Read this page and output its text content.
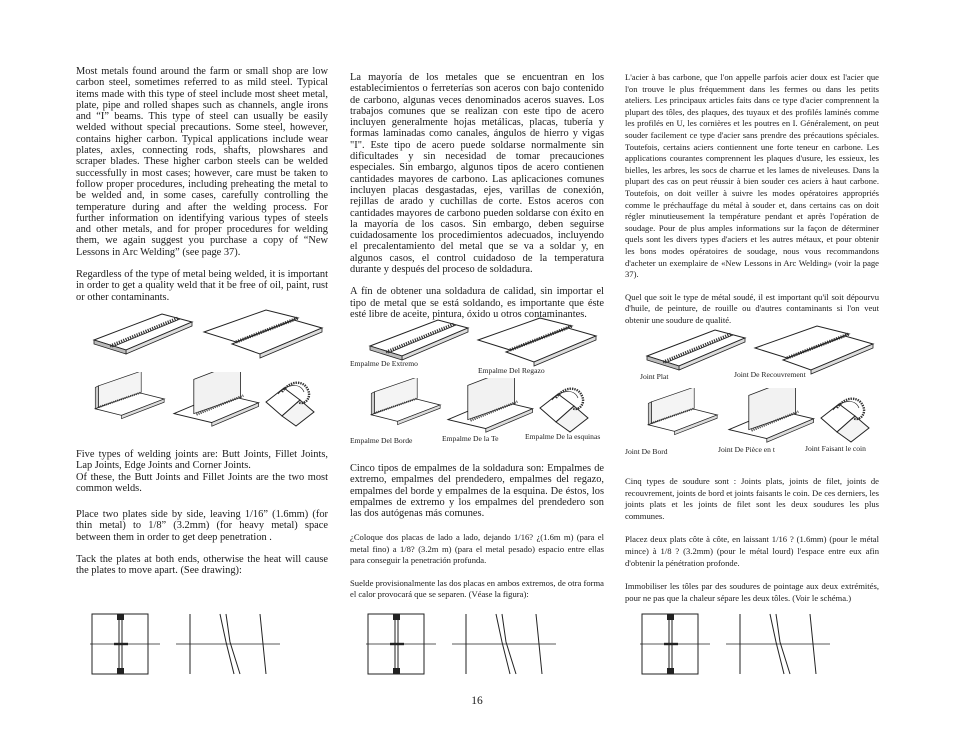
Most metals found around the farm or small shop are low carbon steel, sometimes referred to as mild steel. Typical items made with this type of steel include most sheet metal, plate, pipe and rolled shapes such as channels, angle irons and “I” beams. This type of steel can usually be easily welded without special precautions. Some steel, however, contains higher carbon. Typical applications include wear plates, axles, connecting rods, shafts, plowshares and scraper blades. These higher carbon steels can be welded successfully in most cases; however, care must be taken to follow proper procedures, including preheating the metal to be welded and, in some cases, carefully controlling the temperature during and after the welding process. For further information on identifying various types of steels and other metals, and for proper procedures for welding them, we again suggest you purchase a copy of “New Lessons in Arc Welding” (see page 37).

Regardless of the type of metal being welded, it is important in order to get a quality weld that it be free of oil, paint, rust or other contaminants.

Five types of welding joints are: Butt Joints, Fillet Joints, Lap Joints, Edge Joints and Corner Joints.

Of these, the Butt Joints and Fillet Joints are the two most common welds.

Place two plates side by side, leaving 1/16” (1.6mm) (for thin metal) to 1/8” (3.2mm) (for heavy metal) space between them in order to get deep penetration .

Tack the plates at both ends, otherwise the heat will cause the plates to move apart. (See drawing):

La mayoría de los metales que se encuentran en los establecimientos o ferreterías son aceros con bajo contenido de carbono, algunas veces denominados aceros suaves. Los trabajos comunes que se realizan con este tipo de acero incluyen generalmente hojas metálicas, placas, tubería y formas laminadas como canales, ángulos de hierro y vigas "I". Este tipo de acero puede soldarse normalmente sin dificultades y sin necesidad de tomar precauciones especiales. Sin embargo, algunos tipos de acero contienen cantidades mayores de carbono. Las aplicaciones comunes incluyen placas desgastadas, ejes, varillas de conexión, rejillas de arado y cuchillas de corte. Estos aceros con cantidades mayores de carbono pueden soldarse con éxito en la mayoría de los casos. Sin embargo, deben seguirse cuidadosamente los procedimientos adecuados, incluyendo el precalentamiento del metal que se va a soldar y, en algunos casos, el control cuidadoso de la temperatura durante y después del proceso de soldadura.

A fín de obtener una soldadura de calidad, sin importar el tipo de metal que se está soldando, es importante que éste esté libre de aceite, pintura, óxido u otros contaminantes.

Empalme De Extremo
Empalme Del Regazo
Empalme Del Borde	Empalme De la Te	Empalme De la esquinas

Cinco tipos de empalmes de la soldadura son: Empalmes de extremo, empalmes del prendedero, empalmes del regazo, empalmes del borde y empalmes de la esquina. De éstos, los empalmes de extremo y los empalmes del prendedero son las dos autógenas más comunes.

¿Coloque dos placas de lado a lado, dejando 1/16? ¿(1.6m m) (para el metal fino) a 1/8? (3.2m m) (para el metal pesado) espacio entre ellas para conseguir la penetración profunda.

Suelde provisionalmente las dos placas en ambos extremos, de otra forma el calor provocará que se separen. (Véase la figura):

L'acier à bas carbone, que l'on appelle parfois acier doux est l'acier que l'on trouve le plus fréquemment dans les fermes ou dans les petits ateliers. Les principaux articles faits dans ce type d'acier comprennent la plupart des tôles, des plaques, des tuyaux et des profilés laminés comme les profilés en U, les cornières et les poutres en I. Généralement, on peut souder facilement ce type d'acier sans prendre des précautions spéciales. Toutefois, certains aciers contiennent une forte teneur en carbone. Les applications courantes comprennent les plaques d'usure, les essieux, les bielles, les arbres, les socs de charrue et les lames de niveleuses. Dans la plupart des cas on peut réussir à bien souder ces aciers à haut carbone. Toutefois, on doit veiller à suivre les modes opératoires appropriés comme le préchauffage du métal à souder et, dans certains cas on doit régler minutieusement la température pendant et après l'opération de soudage. Pour de plus amples informations sur la façon de déterminer quels sont les divers types d'aciers et les autres métaux, et pour obtenir les bons modes opératoires de soudage, nous vous recommandons d'acheter un exemplaire de «New Lessons in Arc Welding» (voir la page 37).

Quel que soit le type de métal soudé, il est important qu'il soit dépourvu d'huile, de peinture, de rouille ou d'autres contaminants si l'on veut obtenir une soudure de qualité.

Joint Plat	Joint De Recouvrement
Joint De Bord	Joint De Pièce en t	Joint Faisant le coin

Cinq types de soudure sont : Joints plats, joints de filet, joints de recouvrement, joints de bord et joints faisants le coin. De ces derniers, les joints plats et les joints de filet sont les deux soudures les plus communes.

Placez deux plats côte à côte, en laissant 1/16 ? (1.6mm) (pour le métal mince) à 1/8 ? (3.2mm) (pour le métal lourd) l'espace entre eux afin d'obtenir la pénétration profonde.

Immobiliser les tôles par des soudures de pointage aux deux extrémités, pour ne pas que la chaleur sépare les deux tôles. (Voir le schéma.)

16
